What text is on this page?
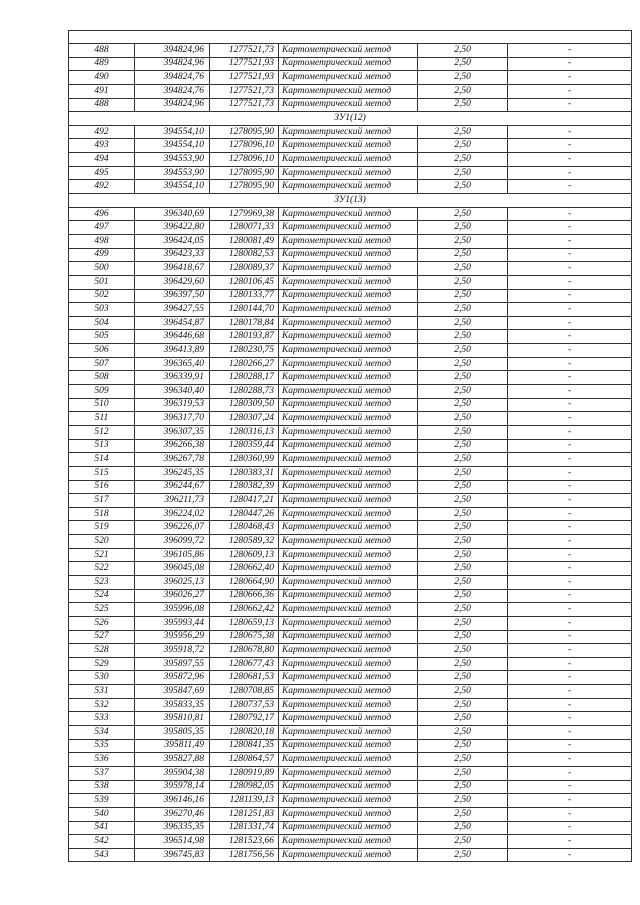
488	394824,96	1277521,73	Картометрический метод	2,50	-
489	394824,96	1277521,93	Картометрический метод	2,50	-
490	394824,76	1277521,93	Картометрический метод	2,50	-
491	394824,76	1277521,73	Картометрический метод	2,50	-
488	394824,96	1277521,73	Картометрический метод	2,50	-
ЗУ1(12)					
492	394554,10	1278095,90	Картометрический метод	2,50	-
493	394554,10	1278096,10	Картометрический метод	2,50	-
494	394553,90	1278096,10	Картометрический метод	2,50	-
495	394553,90	1278095,90	Картометрический метод	2,50	-
492	394554,10	1278095,90	Картометрический метод	2,50	-
ЗУ1(13)					
496	396340,69	1279969,38	Картометрический метод	2,50	-
497	396422,80	1280071,33	Картометрический метод	2,50	-
498	396424,05	1280081,49	Картометрический метод	2,50	-
499	396423,33	1280082,53	Картометрический метод	2,50	-
500	396418,67	1280089,37	Картометрический метод	2,50	-
501	396429,60	1280106,45	Картометрический метод	2,50	-
502	396397,50	1280133,77	Картометрический метод	2,50	-
503	396427,55	1280144,70	Картометрический метод	2,50	-
504	396454,87	1280178,84	Картометрический метод	2,50	-
505	396446,68	1280193,87	Картометрический метод	2,50	-
506	396413,89	1280230,75	Картометрический метод	2,50	-
507	396365,40	1280266,27	Картометрический метод	2,50	-
508	396339,91	1280288,17	Картометрический метод	2,50	-
509	396340,40	1280288,73	Картометрический метод	2,50	-
510	396319,53	1280309,50	Картометрический метод	2,50	-
511	396317,70	1280307,24	Картометрический метод	2,50	-
512	396307,35	1280316,13	Картометрический метод	2,50	-
513	396266,38	1280359,44	Картометрический метод	2,50	-
514	396267,78	1280360,99	Картометрический метод	2,50	-
515	396245,35	1280383,31	Картометрический метод	2,50	-
516	396244,67	1280382,39	Картометрический метод	2,50	-
517	396211,73	1280417,21	Картометрический метод	2,50	-
518	396224,02	1280447,26	Картометрический метод	2,50	-
519	396226,07	1280468,43	Картометрический метод	2,50	-
520	396099,72	1280589,32	Картометрический метод	2,50	-
521	396105,86	1280609,13	Картометрический метод	2,50	-
522	396045,08	1280662,40	Картометрический метод	2,50	-
523	396025,13	1280664,90	Картометрический метод	2,50	-
524	396026,27	1280666,36	Картометрический метод	2,50	-
525	395996,08	1280662,42	Картометрический метод	2,50	-
526	395993,44	1280659,13	Картометрический метод	2,50	-
527	395956,29	1280675,38	Картометрический метод	2,50	-
528	395918,72	1280678,80	Картометрический метод	2,50	-
529	395897,55	1280677,43	Картометрический метод	2,50	-
530	395872,96	1280681,53	Картометрический метод	2,50	-
531	395847,69	1280708,85	Картометрический метод	2,50	-
532	395833,35	1280737,53	Картометрический метод	2,50	-
533	395810,81	1280792,17	Картометрический метод	2,50	-
534	395805,35	1280820,18	Картометрический метод	2,50	-
535	395811,49	1280841,35	Картометрический метод	2,50	-
536	395827,88	1280864,57	Картометрический метод	2,50	-
537	395904,38	1280919,89	Картометрический метод	2,50	-
538	395978,14	1280982,05	Картометрический метод	2,50	-
539	396146,16	1281139,13	Картометрический метод	2,50	-
540	396270,46	1281251,83	Картометрический метод	2,50	-
541	396335,35	1281331,74	Картометрический метод	2,50	-
542	396514,98	1281523,66	Картометрический метод	2,50	-
543	396745,83	1281756,56	Картометрический метод	2,50	-
